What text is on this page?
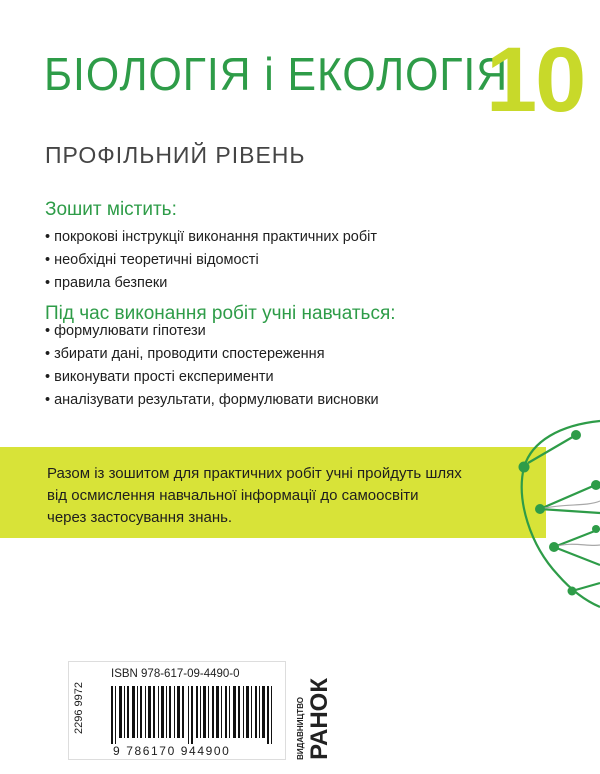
БІОЛОГІЯ і ЕКОЛОГІЯ
10
ПРОФІЛЬНИЙ РІВЕНЬ
Зошит містить:
• покрокові інструкції виконання практичних робіт
• необхідні теоретичні відомості
• правила безпеки
Під час виконання робіт учні навчаться:
• формулювати гіпотези
• збирати дані, проводити спостереження
• виконувати прості експерименти
• аналізувати результати, формулювати висновки
Разом із зошитом для практичних робіт учні пройдуть шлях
від осмислення навчальної інформації до самоосвіти
через застосування знань.
2296 9972
ISBN 978-617-09-4490-0
9 786170 944900	ВИДАВНИЦТВО РАНОК
